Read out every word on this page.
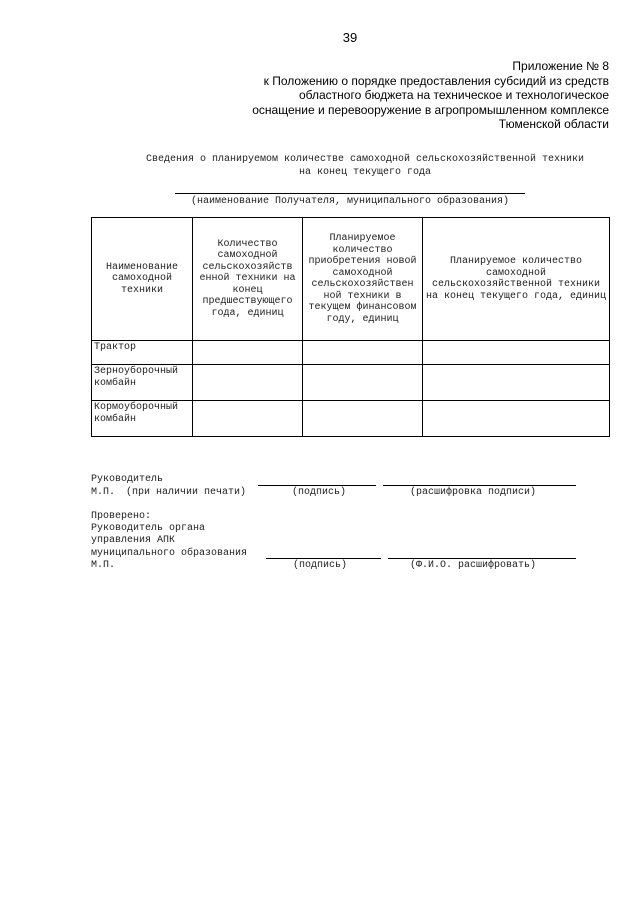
39
Приложение № 8
к Положению о порядке предоставления субсидий из средств
областного бюджета на техническое и технологическое
оснащение и перевооружение в агропромышленном комплексе
Тюменской области
Сведения о планируемом количестве самоходной сельскохозяйственной техники
на конец текущего года
(наименование Получателя, муниципального образования)
Наименование самоходной техники	Количество самоходной сельскохозяйств енной техники на конец предшествующего года, единиц	Планируемое количество приобретения новой самоходной сельскохозяйствен ной техники в текущем финансовом году, единиц	Планируемое количество самоходной сельскохозяйственной техники на конец текущего года, единиц
Трактор			
Зерноуборочный комбайн			
Кормоуборочный комбайн			
Руководитель
М.П. (при наличии печати)	(подпись)	(расшифровка подписи)
Проверено:
Руководитель органа
управления АПК
муниципального образования
М.П.	(подпись)	(Ф.И.О. расшифровать)
